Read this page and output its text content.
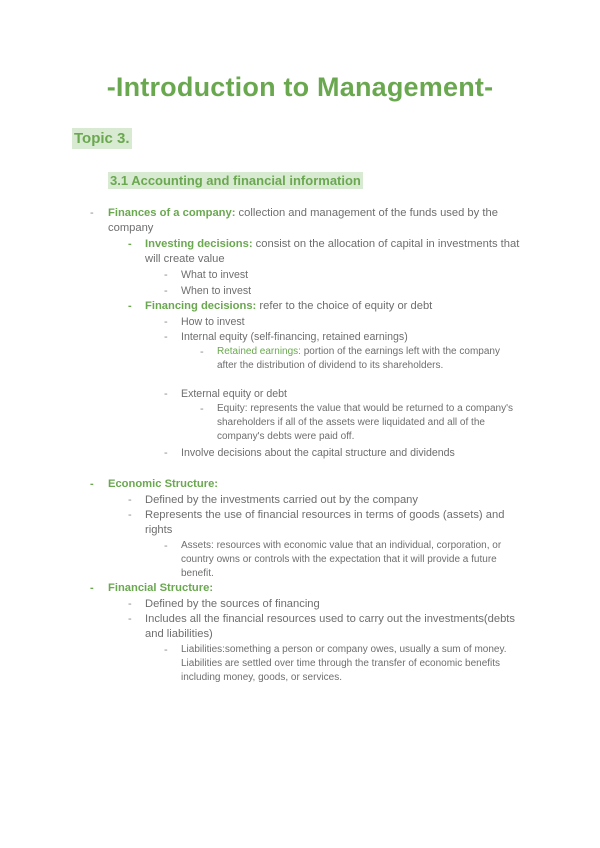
-Introduction to Management-
Topic 3.
3.1 Accounting and financial information
- Finances of a company: collection and management of the funds used by the company
- Investing decisions: consist on the allocation of capital in investments that will create value
- What to invest
- When to invest
- Financing decisions: refer to the choice of equity or debt
- How to invest
- Internal equity (self-financing, retained earnings)
- Retained earnings: portion of the earnings left with the company after the distribution of dividend to its shareholders.
- External equity or debt
- Equity: represents the value that would be returned to a company's shareholders if all of the assets were liquidated and all of the company's debts were paid off.
- Involve decisions about the capital structure and dividends
- Economic Structure:
- Defined by the investments carried out by the company
- Represents the use of financial resources in terms of goods (assets) and rights
- Assets: resources with economic value that an individual, corporation, or country owns or controls with the expectation that it will provide a future benefit.
- Financial Structure:
- Defined by the sources of financing
- Includes all the financial resources used to carry out the investments(debts and liabilities)
- Liabilities:something a person or company owes, usually a sum of money. Liabilities are settled over time through the transfer of economic benefits including money, goods, or services.
